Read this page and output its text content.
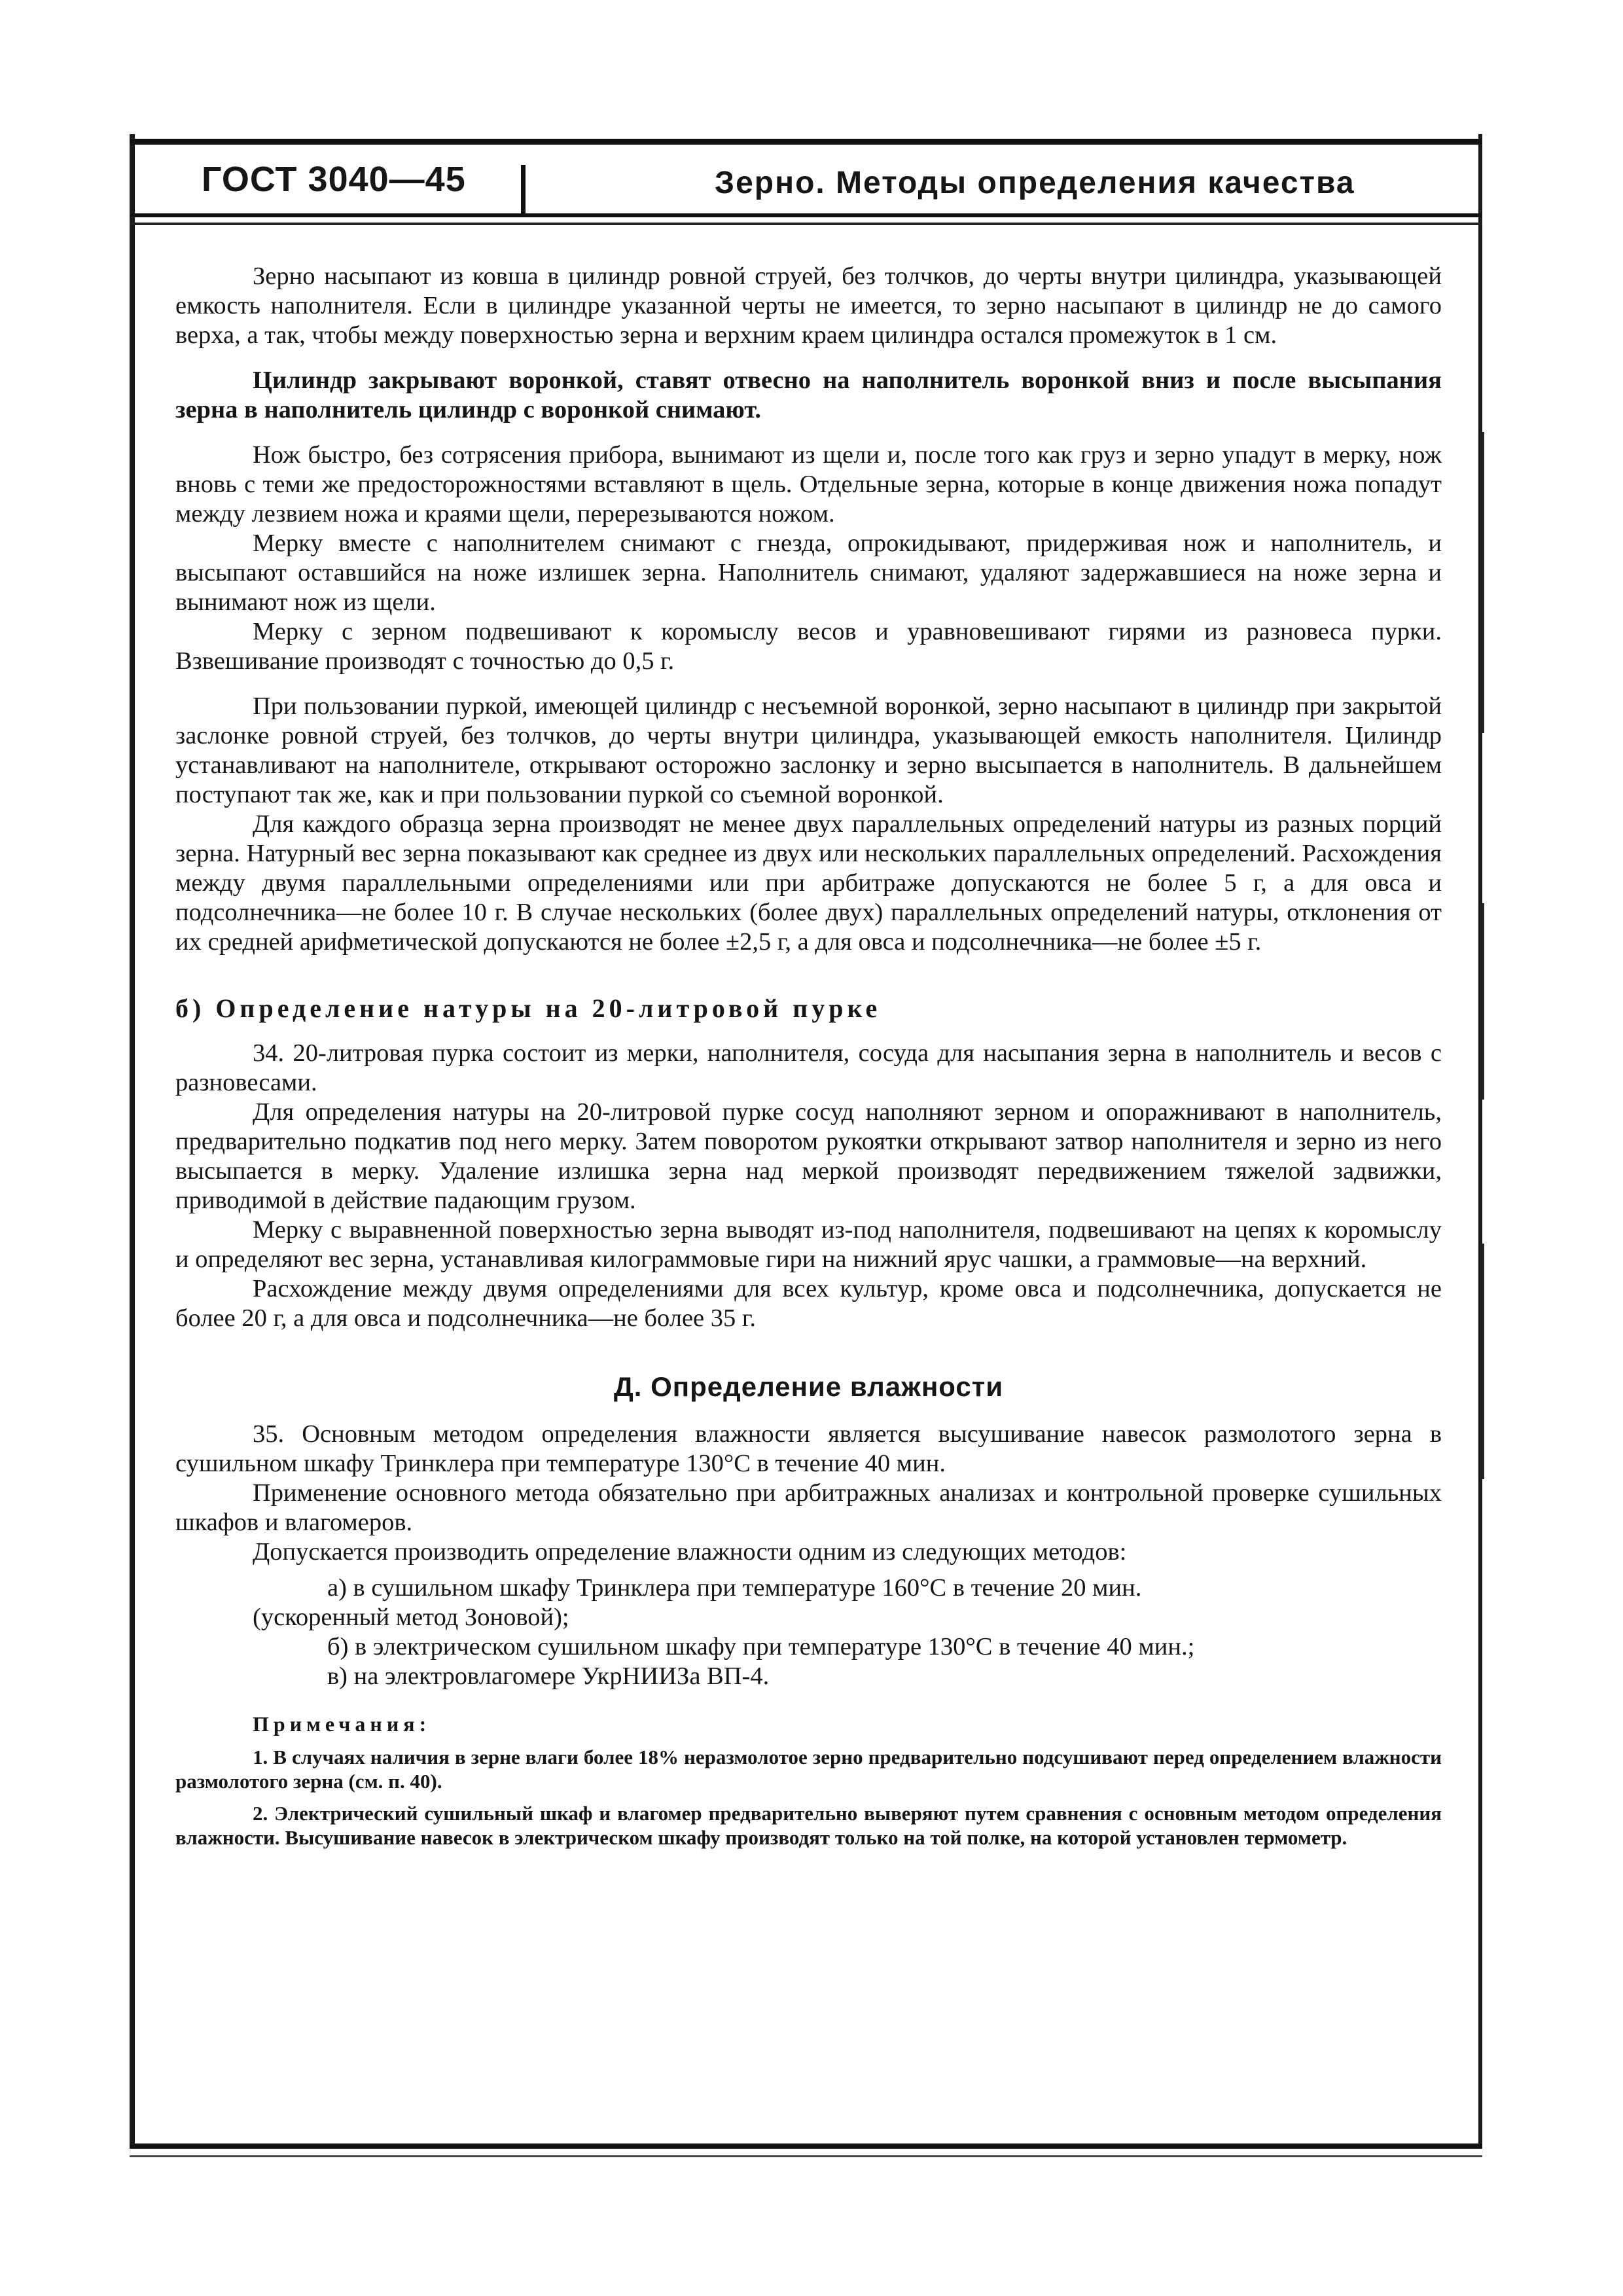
ГОСТ 3040—45	Зерно. Методы определения качества

Зерно насыпают из ковша в цилиндр ровной струей, без толчков, до черты внутри цилиндра, указывающей емкость наполнителя. Если в цилиндре указанной черты не имеется, то зерно насыпают в цилиндр не до самого верха, а так, чтобы между поверхностью зерна и верхним краем цилиндра остался промежуток в 1 см.

Цилиндр закрывают воронкой, ставят отвесно на наполнитель воронкой вниз и после высыпания зерна в наполнитель цилиндр с воронкой снимают.

Нож быстро, без сотрясения прибора, вынимают из щели и, после того как груз и зерно упадут в мерку, нож вновь с теми же предосторожностями вставляют в щель. Отдельные зерна, которые в конце движения ножа попадут между лезвием ножа и краями щели, перерезываются ножом.

Мерку вместе с наполнителем снимают с гнезда, опрокидывают, придерживая нож и наполнитель, и высыпают оставшийся на ноже излишек зерна. Наполнитель снимают, удаляют задержавшиеся на ноже зерна и вынимают нож из щели.

Мерку с зерном подвешивают к коромыслу весов и уравновешивают гирями из разновеса пурки. Взвешивание производят с точностью до 0,5 г.

При пользовании пуркой, имеющей цилиндр с несъемной воронкой, зерно насыпают в цилиндр при закрытой заслонке ровной струей, без толчков, до черты внутри цилиндра, указывающей емкость наполнителя. Цилиндр устанавливают на наполнителе, открывают осторожно заслонку и зерно высыпается в наполнитель. В дальнейшем поступают так же, как и при пользовании пуркой со съемной воронкой.

Для каждого образца зерна производят не менее двух параллельных определений натуры из разных порций зерна. Натурный вес зерна показывают как среднее из двух или нескольких параллельных определений. Расхождения между двумя параллельными определениями или при арбитраже допускаются не более 5 г, а для овса и подсолнечника—не более 10 г. В случае нескольких (более двух) параллельных определений натуры, отклонения от их средней арифметической допускаются не более ±2,5 г, а для овса и подсолнечника—не более ±5 г.

б) Определение натуры на 20-литровой пурке

34. 20-литровая пурка состоит из мерки, наполнителя, сосуда для насыпания зерна в наполнитель и весов с разновесами.

Для определения натуры на 20-литровой пурке сосуд наполняют зерном и опоражнивают в наполнитель, предварительно подкатив под него мерку. Затем поворотом рукоятки открывают затвор наполнителя и зерно из него высыпается в мерку. Удаление излишка зерна над меркой производят передвижением тяжелой задвижки, приводимой в действие падающим грузом.

Мерку с выравненной поверхностью зерна выводят из-под наполнителя, подвешивают на цепях к коромыслу и определяют вес зерна, устанавливая килограммовые гири на нижний ярус чашки, а граммовые—на верхний.

Расхождение между двумя определениями для всех культур, кроме овса и подсолнечника, допускается не более 20 г, а для овса и подсолнечника—не более 35 г.

Д. Определение влажности

35. Основным методом определения влажности является высушивание навесок размолотого зерна в сушильном шкафу Тринклера при температуре 130°С в течение 40 мин.

Применение основного метода обязательно при арбитражных анализах и контрольной проверке сушильных шкафов и влагомеров.

Допускается производить определение влажности одним из следующих методов:

а) в сушильном шкафу Тринклера при температуре 160°С в течение 20 мин.

(ускоренный метод Зоновой);

б) в электрическом сушильном шкафу при температуре 130°С в течение 40 мин.;

в) на электровлагомере УкрНИИЗа ВП-4.

Примечания:

1. В случаях наличия в зерне влаги более 18% неразмолотое зерно предварительно подсушивают перед определением влажности размолотого зерна (см. п. 40).

2. Электрический сушильный шкаф и влагомер предварительно выверяют путем сравнения с основным методом определения влажности. Высушивание навесок в электрическом шкафу производят только на той полке, на которой установлен термометр.
